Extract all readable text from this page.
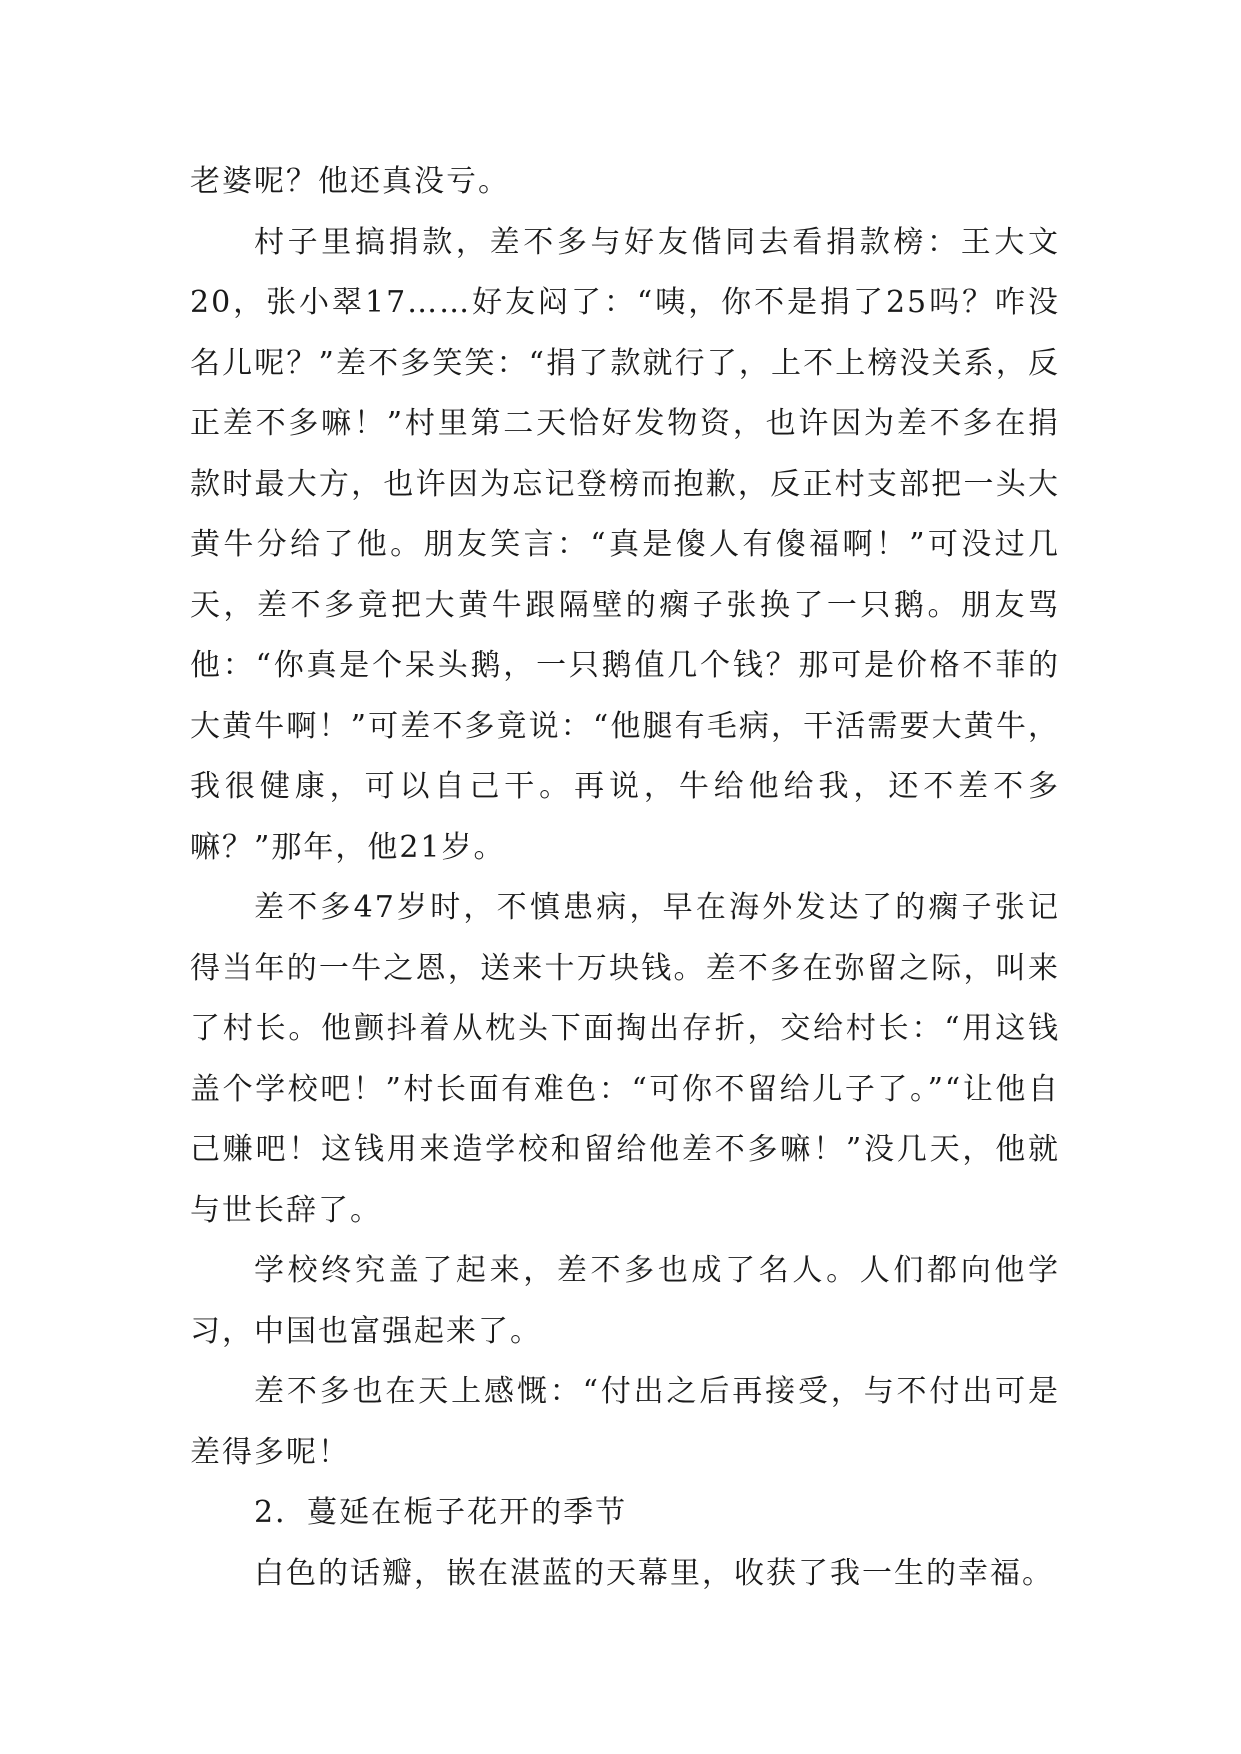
老婆呢？他还真没亏。

村子里搞捐款，差不多与好友偕同去看捐款榜：王大文20，张小翠17……好友闷了：“咦，你不是捐了25吗？咋没名儿呢？”差不多笑笑：“捐了款就行了，上不上榜没关系，反正差不多嘛！”村里第二天恰好发物资，也许因为差不多在捐款时最大方，也许因为忘记登榜而抱歉，反正村支部把一头大黄牛分给了他。朋友笑言：“真是傻人有傻福啊！”可没过几天，差不多竟把大黄牛跟隔壁的瘸子张换了一只鹅。朋友骂他：“你真是个呆头鹅，一只鹅值几个钱？那可是价格不菲的大黄牛啊！”可差不多竟说：“他腿有毛病，干活需要大黄牛，我很健康，可以自己干。再说，牛给他给我，还不差不多嘛？”那年，他21岁。

差不多47岁时，不慎患病，早在海外发达了的瘸子张记得当年的一牛之恩，送来十万块钱。差不多在弥留之际，叫来了村长。他颤抖着从枕头下面掏出存折，交给村长：“用这钱盖个学校吧！”村长面有难色：“可你不留给儿子了。”“让他自己赚吧！这钱用来造学校和留给他差不多嘛！”没几天，他就与世长辞了。

学校终究盖了起来，差不多也成了名人。人们都向他学习，中国也富强起来了。

差不多也在天上感慨：“付出之后再接受，与不付出可是差得多呢！

2．蔓延在栀子花开的季节

白色的话瓣，嵌在湛蓝的天幕里，收获了我一生的幸福。
